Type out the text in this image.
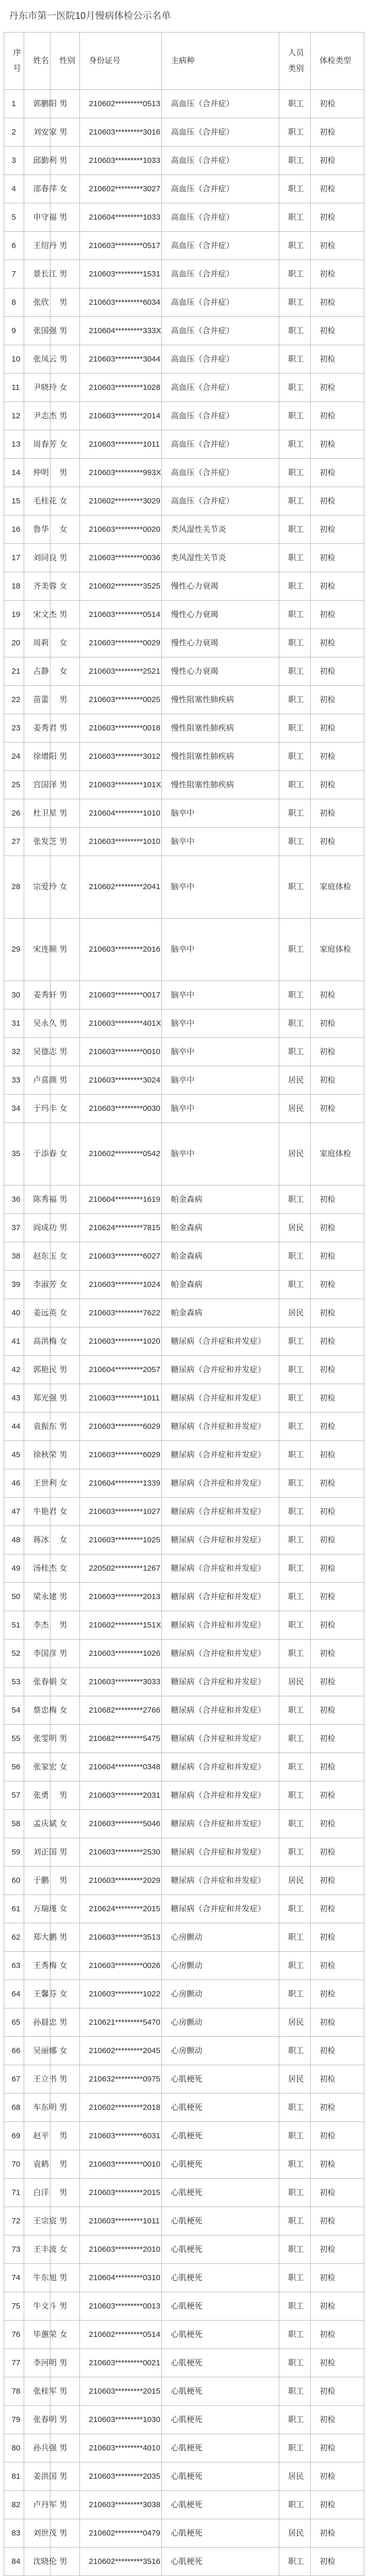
丹东市第一医院10月慢病体检公示名单
序号	姓名	性别	身份证号	主病种	人员类别	体检类型
1	郭鹏阳	男	210602*********0513	高血压（合并症）	职工	初检
2	刘安家	男	210603*********3016	高血压（合并症）	职工	初检
3	邱勤利	男	210603*********1033	高血压（合并症）	职工	初检
4	邵春萍	女	210602*********3027	高血压（合并症）	职工	初检
5	申守福	男	210604*********1033	高血压（合并症）	职工	初检
6	王绍丹	男	210603*********0517	高血压（合并症）	职工	初检
7	景长江	男	210603*********1531	高血压（合并症）	职工	初检
8	张欣	男	210603*********6034	高血压（合并症）	职工	初检
9	张国强	男	210604*********333X	高血压（合并症）	职工	初检
10	张凤云	男	210603*********3044	高血压（合并症）	职工	初检
11	尹晓玲	女	210603*********1028	高血压（合并症）	职工	初检
12	尹志杰	男	210603*********2014	高血压（合并症）	职工	初检
13	周春芳	女	210603*********1011	高血压（合并症）	职工	初检
14	仲明	男	210603*********993X	高血压（合并症）	职工	初检
15	毛桂花	女	210602*********3029	高血压（合并症）	职工	初检
16	鲁华	女	210603*********0020	类风湿性关节炎	职工	初检
17	刘同良	男	210603*********0036	类风湿性关节炎	职工	初检
18	齐美蓉	女	210602*********3525	慢性心力衰竭	职工	初检
19	宋文杰	男	210603*********0514	慢性心力衰竭	职工	初检
20	周莉	女	210603*********0029	慢性心力衰竭	职工	初检
21	占静	女	210603*********2521	慢性心力衰竭	职工	初检
22	苗蕾	男	210603*********0025	慢性阻塞性肺疾病	职工	初检
23	姜秀君	男	210603*********0018	慢性阻塞性肺疾病	职工	初检
24	徐增阳	男	210603*********3012	慢性阻塞性肺疾病	职工	初检
25	宫国泽	男	210603*********101X	慢性阻塞性肺疾病	职工	初检
26	杜卫星	男	210604*********1010	脑卒中	职工	初检
27	张发芝	男	210603*********1010	脑卒中	职工	初检
28	宗爱玲	女	210602*********2041	脑卒中	职工	家庭体检
29	宋连顺	男	210603*********2016	脑卒中	职工	家庭体检
30	姜秀轩	男	210603*********0017	脑卒中	职工	初检
31	吴永久	男	210603*********401X	脑卒中	职工	初检
32	吴德志	男	210603*********0010	脑卒中	职工	初检
33	卢喜颜	男	210603*********3024	脑卒中	居民	初检
34	于玛丰	女	210603*********0030	脑卒中	居民	初检
35	于添春	女	210602*********0542	脑卒中	居民	家庭体检
36	陈秀福	男	210604*********1619	帕金森病	职工	初检
37	阎成功	男	210624*********7815	帕金森病	居民	初检
38	赵东玉	女	210603*********6027	帕金森病	职工	初检
39	李淑芳	女	210603*********1024	帕金森病	职工	初检
40	姜远英	女	210603*********7622	帕金森病	居民	初检
41	高洪梅	女	210603*********1020	糖尿病（合并症和并发症）	职工	初检
42	郭艳民	男	210604*********2057	糖尿病（合并症和并发症）	职工	初检
43	郑光强	男	210603*********1011	糖尿病（合并症和并发症）	职工	初检
44	袁振东	男	210603*********6029	糖尿病（合并症和并发症）	职工	初检
45	徐秋荣	男	210603*********6029	糖尿病（合并症和并发症）	职工	初检
46	王世利	女	210604*********1339	糖尿病（合并症和并发症）	职工	初检
47	牛艳君	女	210603*********1027	糖尿病（合并症和并发症）	职工	初检
48	蒋冰	女	210603*********1025	糖尿病（合并症和并发症）	职工	初检
49	汤桂杰	女	220502*********1267	糖尿病（合并症和并发症）	职工	初检
50	梁永建	男	210603*********2013	糖尿病（合并症和并发症）	职工	初检
51	李杰	男	210602*********151X	糖尿病（合并症和并发症）	职工	初检
52	李国彦	男	210603*********1026	糖尿病（合并症和并发症）	职工	初检
53	张春娟	女	210603*********3033	糖尿病（合并症和并发症）	居民	初检
54	蔡忠梅	女	210682*********2766	糖尿病（合并症和并发症）	职工	初检
55	张雯明	男	210682*********5475	糖尿病（合并症和并发症）	职工	初检
56	张家宏	女	210604*********0348	糖尿病（合并症和并发症）	职工	初检
57	张勇	男	210603*********2031	糖尿病（合并症和并发症）	职工	初检
58	孟庆斌	女	210603*********5046	糖尿病（合并症和并发症）	职工	初检
59	刘正国	男	210603*********2530	糖尿病（合并症和并发症）	职工	初检
60	于鹏	男	210603*********2029	糖尿病（合并症和并发症）	居民	初检
61	万瑞瑾	女	210624*********2015	糖尿病（合并症和并发症）	职工	初检
62	郑大鹏	男	210603*********3513	心房颤动	职工	初检
63	王秀梅	女	210603*********0026	心房颤动	职工	初检
64	王馨芬	女	210603*********1022	心房颤动	职工	初检
65	孙晨忠	男	210621*********5470	心房颤动	居民	初检
66	吴丽娜	女	210602*********2045	心房颤动	职工	初检
67	王立书	男	210632*********0975	心肌梗死	居民	初检
68	车东明	男	210602*********2018	心肌梗死	职工	初检
69	赵平	男	210603*********6031	心肌梗死	职工	初检
70	袁鹤	男	210603*********0010	心肌梗死	职工	初检
71	白洋	男	210603*********2015	心肌梗死	职工	初检
72	王宗宸	男	210603*********1011	心肌梗死	职工	初检
73	王丰波	女	210603*********2010	心肌梗死	职工	初检
74	牛东旭	男	210604*********0310	心肌梗死	职工	初检
75	牛文斗	男	210603*********0013	心肌梗死	职工	初检
76	毕蕙荣	女	210602*********0514	心肌梗死	职工	初检
77	李河明	男	210603*********0021	心肌梗死	职工	初检
78	张桂军	男	210603*********2015	心肌梗死	职工	初检
79	张春明	男	210603*********1030	心肌梗死	职工	初检
80	孙兵强	男	210603*********4010	心肌梗死	职工	初检
81	姜洪国	男	210603*********2035	心肌梗死	居民	初检
82	卢丹军	男	210603*********3038	心肌梗死	职工	初检
83	刘世茂	男	210602*********0479	心肌梗死	居民	初检
84	沈晓伦	男	210602*********3516	心肌梗死	职工	初检
